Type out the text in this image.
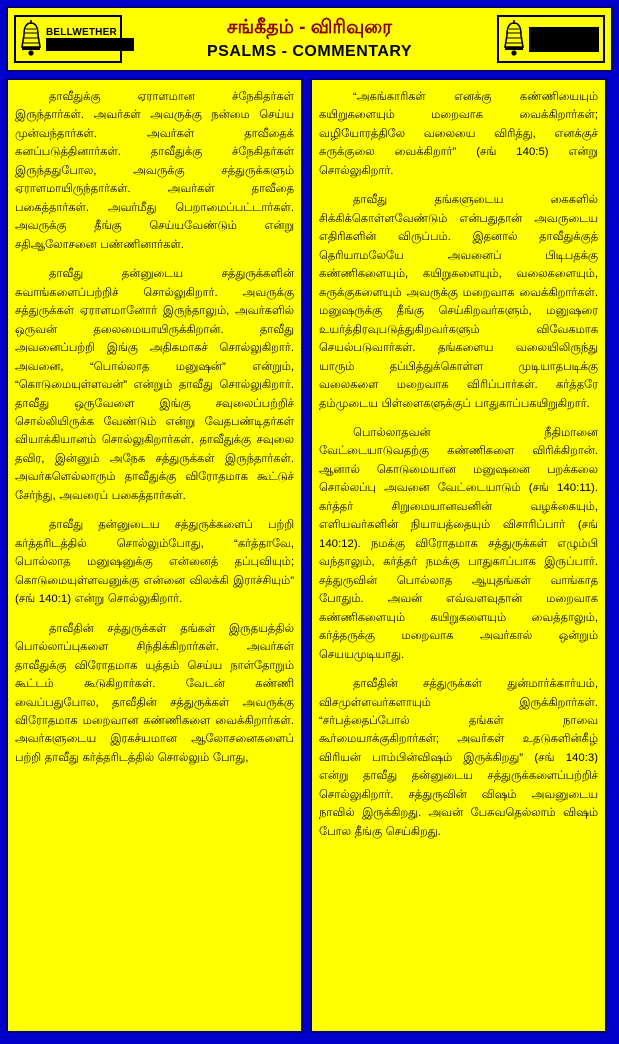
BELLWETHER
INTERNATIONAL
சங்கீதம் - விரிவுரை
PSALMS - COMMENTARY
GOOD NEWS
PUBLISHERS

தாவீதுக்கு ஏராளமான ச்நேகிதர்கள் இருந்தார்கள். அவர்கள் அவருக்கு நன்மை செய்ய முன்வந்தார்கள். அவர்கள் தாவீதைக் கனப்படுத்தினார்கள். தாவீதுக்கு ச்நேகிதர்கள் இருந்ததுபோல, அவருக்கு சத்துருக்களும் ஏராளமாயிருந்தார்கள். அவர்கள் தாவீதை பகைத்தார்கள். அவர்மீது பெறாமைப்பட்டார்கள். அவருக்கு தீங்கு செய்யவேண்டும் என்று சதிஆலோசனை பண்ணினார்கள்.

தாவீது தன்னுடைய சத்துருக்களின் சுவாங்களைப்பற்றிச் சொல்லுகிறார். அவருக்கு சத்துருக்கள் ஏராளமானோர் இருந்தாலும், அவர்களில் ஒருவன் தலைமையாயிருக்கிறான். தாவீது அவனைப்பற்றி இங்கு அதிகமாகச் சொல்லுகிறார். அவனை, “பொல்லாத மனுஷன்” என்றும், “கொடுமையுள்ளவன்” என்றும் தாவீது சொல்லுகிறார். தாவீது ஒருவேளை இங்கு சவுலைப்பற்றிச் சொல்லியிருக்க வேண்டும் என்று வேதபண்டிதர்கள் வியாக்கியானம் சொல்லுகிறார்கள். தாவீதுக்கு சவுலை தவிர, இன்னும் அநேக சத்துருக்கள் இருந்தார்கள். அவர்களெல்லாரும் தாவீதுக்கு விரோதமாக கூட்டுச் சேர்ந்து, அவரைப் பகைத்தார்கள்.

தாவீது தன்னுடைய சத்துருக்களைப் பற்றி கர்த்தரிடத்தில் சொல்லும்போது, “கர்த்தாவே, பொல்லாத மனுஷனுக்கு என்னைத் தப்புவியும்; கொடுமையுள்ளவனுக்கு என்னை விலக்கி இராச்சியும்” (சங் 140:1) என்று சொல்லுகிறார்.

தாவீதின் சத்துருக்கள் தங்கள் இருதயத்தில் பொல்லாப்புகளை சிந்திக்கிறார்கள். அவர்கள் தாவீதுக்கு விரோதமாக யுத்தம் செய்ய நாள்தோறும் கூட்டம் கூடுகிறார்கள். வேடன் கண்ணி வைப்பதுபோல, தாவீதின் சத்துருக்கள் அவருக்கு விரோதமாக மறைவான கண்ணிகளை வைக்கிறார்கள். அவர்களுடைய இரகச்யமான ஆலோசனைகளைப் பற்றி தாவீது கர்த்தரிடத்தில் சொல்லும் போது,

“அகங்காரிகள் எனக்கு கண்ணியையும் கயிறுகளையும் மறைவாக வைக்கிறார்கள்; வழியோரத்திலே வலையை விரித்து, எனக்குச் சுருக்குலை வைக்கிறார்” (சங் 140:5) என்று சொல்லுகிறார்.

தாவீது தங்களுடைய கைகளில் சிக்கிக்கொள்ளவேண்டும் என்பதுதான் அவருடைய எதிரிகளின் விருப்பம். இதனால் தாவீதுக்குத் தெரியாமலேயே அவனைப் பிடிபதக்கு கண்ணிகளையும், கயிறுகளையும், வலைகளையும், சுருக்குகளையும் அவருக்கு மறைவாக வைக்கிறார்கள். மனுஷருக்கு தீங்கு செய்கிறவர்களும், மனுஷரை உயர்த்திரவுபடுத்துகிறவர்களும் விவேகமாக செயல்படுவார்கள். தங்களைய வலையிலிருந்து யாரும் தப்பித்துக்கொள்ள முடியாதபடிக்கு வலைகளை மறைவாக விரிப்பார்கள். கர்த்தரே தம்முடைய பிள்ளைகளுக்குப் பாதுகாப்பகயிறுகிறார்.

பொல்லாதவன் நீதிமானை வேட்டையாடுவதற்கு கண்ணிகளை விரிக்கிறான். ஆனால் கொடுமையான மனுஷனை பறக்கலை சொல்லப்பு அவனை வேட்டையாடும் (சங் 140:11). கர்த்தர் சிறுமையானவனின் வழக்கையும், எளியவர்களின் நியாயத்தையும் விசாரிப்பார் (சங் 140:12). நமக்கு விரோதமாக சத்துருக்கள் எழும்பி வந்தாலும், கர்த்தர் நமக்கு பாதுகாப்பாக இருப்பார். சத்துருவின் பொல்லாத ஆயுதங்கள் வாங்காத போதும். அவன் எவ்வளவுதான் மறைவாக கண்ணிகளையும் கயிறுகளையும் வைத்தாலும், கர்த்தருக்கு மறைவாக அவர்கால் ஒன்றும் செயயமுடியாது.

தாவீதின் சத்துருக்கள் துன்மார்க்கார்யம், விசமுள்ளவர்களாயும் இருக்கிறார்கள். “சர்பத்தைப்போல் தங்கள் நாவை கூர்மையாக்குகிறார்கள்; அவர்கள் உதடுகளின்கீழ் விரியன் பாம்பின்விஷம் இருக்கிறது” (சங் 140:3) என்று தாவீது தன்னுடைய சத்துருக்களைப்பற்றிச் சொல்லுகிறார். சத்துருவின் விஷம் அவனுடைய நாவில் இருக்கிறது. அவன் பேசுவதெல்லாம் விஷம் போல தீங்கு செய்கிறது.
